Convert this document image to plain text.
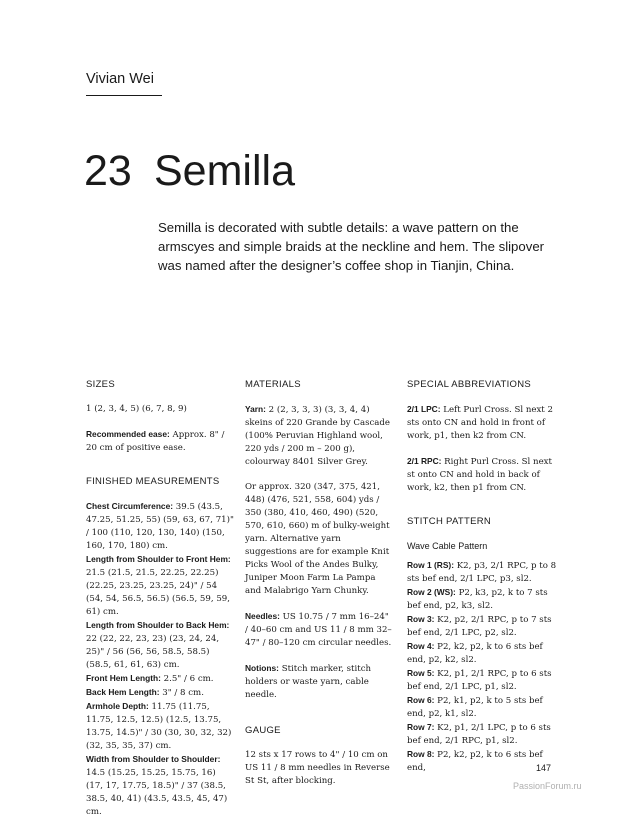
Vivian Wei
23 Semilla
Semilla is decorated with subtle details: a wave pattern on the armscyes and simple braids at the neckline and hem. The slipover was named after the designer’s coffee shop in Tianjin, China.
SIZES
1 (2, 3, 4, 5) (6, 7, 8, 9)
Recommended ease: Approx. 8" / 20 cm of positive ease.
FINISHED MEASUREMENTS
Chest Circumference: 39.5 (43.5, 47.25, 51.25, 55) (59, 63, 67, 71)" / 100 (110, 120, 130, 140) (150, 160, 170, 180) cm.
Length from Shoulder to Front Hem: 21.5 (21.5, 21.5, 22.25, 22.25) (22.25, 23.25, 23.25, 24)" / 54 (54, 54, 56.5, 56.5) (56.5, 59, 59, 61) cm.
Length from Shoulder to Back Hem: 22 (22, 22, 23, 23) (23, 24, 24, 25)" / 56 (56, 56, 58.5, 58.5) (58.5, 61, 61, 63) cm.
Front Hem Length: 2.5" / 6 cm.
Back Hem Length: 3" / 8 cm.
Armhole Depth: 11.75 (11.75, 11.75, 12.5, 12.5) (12.5, 13.75, 13.75, 14.5)" / 30 (30, 30, 32, 32) (32, 35, 35, 37) cm.
Width from Shoulder to Shoulder: 14.5 (15.25, 15.25, 15.75, 16) (17, 17, 17.75, 18.5)" / 37 (38.5, 38.5, 40, 41) (43.5, 43.5, 45, 47) cm.
MATERIALS
Yarn: 2 (2, 3, 3, 3) (3, 3, 4, 4) skeins of 220 Grande by Cascade (100% Peruvian Highland wool, 220 yds / 200 m – 200 g), colourway 8401 Silver Grey.
Or approx. 320 (347, 375, 421, 448) (476, 521, 558, 604) yds / 350 (380, 410, 460, 490) (520, 570, 610, 660) m of bulky-weight yarn. Alternative yarn suggestions are for example Knit Picks Wool of the Andes Bulky, Juniper Moon Farm La Pampa and Malabrigo Yarn Chunky.
Needles: US 10.75 / 7 mm 16–24" / 40–60 cm and US 11 / 8 mm 32–47" / 80–120 cm circular needles.
Notions: Stitch marker, stitch holders or waste yarn, cable needle.
GAUGE
12 sts x 17 rows to 4" / 10 cm on US 11 / 8 mm needles in Reverse St St, after blocking.
SPECIAL ABBREVIATIONS
2/1 LPC: Left Purl Cross. Sl next 2 sts onto CN and hold in front of work, p1, then k2 from CN.
2/1 RPC: Right Purl Cross. Sl next st onto CN and hold in back of work, k2, then p1 from CN.
STITCH PATTERN
Wave Cable Pattern
Row 1 (RS): K2, p3, 2/1 RPC, p to 8 sts bef end, 2/1 LPC, p3, sl2.
Row 2 (WS): P2, k3, p2, k to 7 sts bef end, p2, k3, sl2.
Row 3: K2, p2, 2/1 RPC, p to 7 sts bef end, 2/1 LPC, p2, sl2.
Row 4: P2, k2, p2, k to 6 sts bef end, p2, k2, sl2.
Row 5: K2, p1, 2/1 RPC, p to 6 sts bef end, 2/1 LPC, p1, sl2.
Row 6: P2, k1, p2, k to 5 sts bef end, p2, k1, sl2.
Row 7: K2, p1, 2/1 LPC, p to 6 sts bef end, 2/1 RPC, p1, sl2.
Row 8: P2, k2, p2, k to 6 sts bef end,	147
PassionForum.ru
